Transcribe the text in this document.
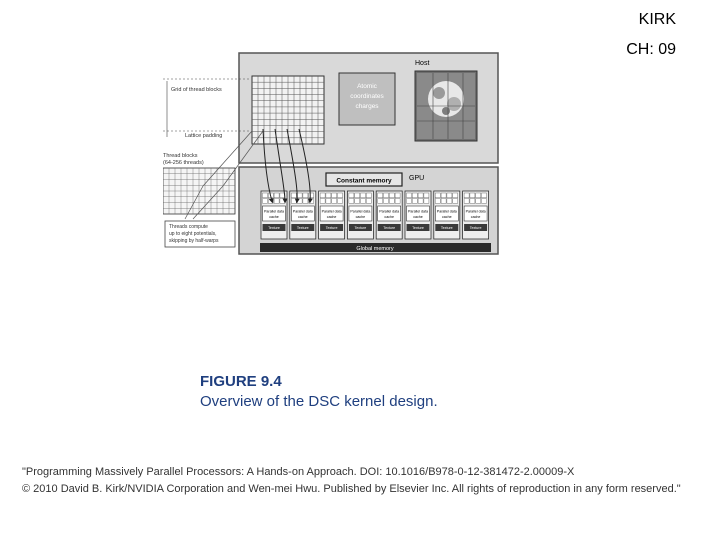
KIRK
CH: 09
Host
Atomic
coordinates
charges
Grid of thread blocks
Lattice padding
Thread blocks
(64-256 threads)
Threads compute
up to eight potentials,
skipping by half-warps
GPU
Constant memory
Parallel data
cache
Texture
Parallel data
cache
Texture
Parallel data
cache
Texture
Parallel data
cache
Texture
Parallel data
cache
Texture
Parallel data
cache
Texture
Parallel data
cache
Texture
Parallel data
cache
Texture
Global memory
FIGURE 9.4
Overview of the DSC kernel design.
"Programming Massively Parallel Processors: A Hands-on Approach. DOI: 10.1016/B978-0-12-381472-2.00009-X
© 2010 David B. Kirk/NVIDIA Corporation and Wen-mei Hwu. Published by Elsevier Inc. All rights of reproduction in any form reserved."
